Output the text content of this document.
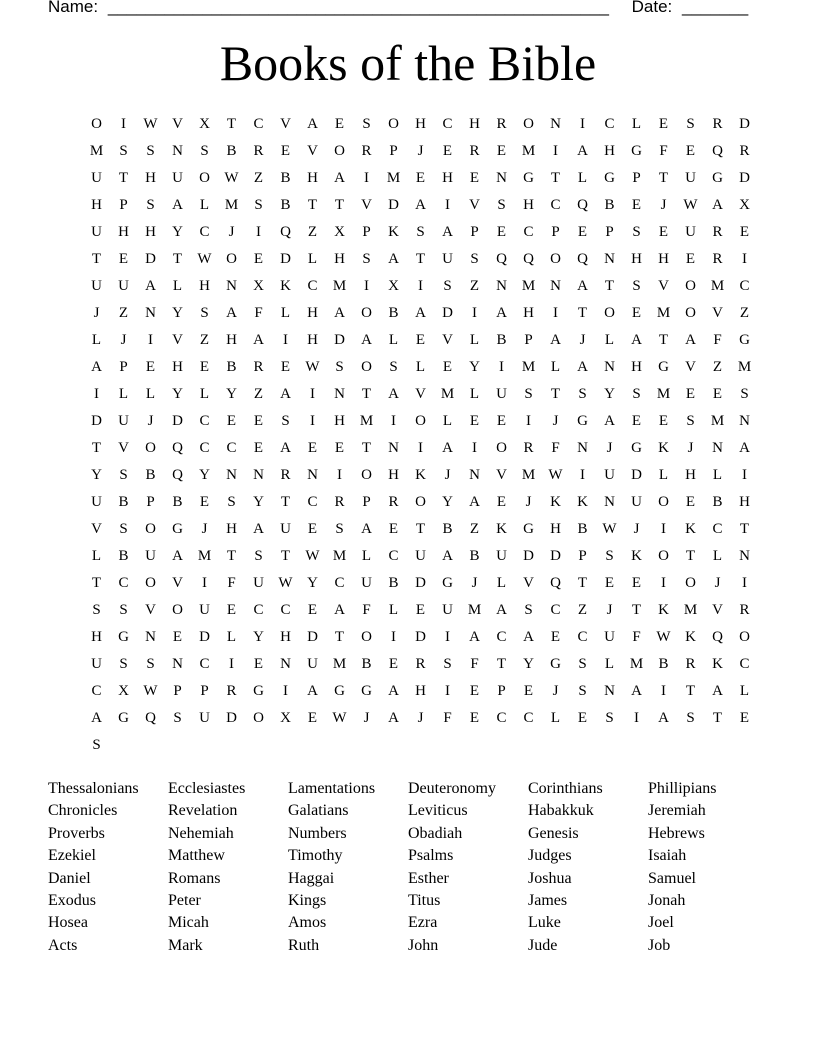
Name: _____________________________________________________ Date: _______
Books of the Bible
O	I	W V	X	T	C	V	A	E	S	O	H	C	H	R	O	N	I	C	L	E	S	R	D
M	S	S	N	S	B	R	E	V	O	R	P	J	E	R	E	M	I	A	H	G	F	E	Q	R
U	T	H	U	O W	Z	B	H	A	I	M	E	H	E	N	G	T	L	G	P	T	U	G	D
H	P	S	A	L	M	S	B	T	T	V	D	A	I	V	S	H	C	Q	B	E	J	W A	X
U	H	H	Y	C	J	I	Q	Z	X	P	K	S	A	P	E	C	P	E	P	S	E	U	R	E
T	E	D	T	W O	E	D	L	H	S	A	T	U	S	Q	Q	O	Q	N	H	H	E	R	I
U	U	A	L	H	N	X	K	C	M	I	X	I	S	Z	N M N	A	T	S	V	O M	C
J	Z	N	Y	S	A	F	L	H	A	O	B	A	D	I	A	H	I	T	O	E	M O	V	Z
L	J	I	V	Z	H	A	I	H	D	A	L	E	V	L	B	P	A	J	L	A	T	A	F	G
A	P	E	H	E	B	R	E	W	S	O	S	L	E	Y	I	M	L	A	N	H	G	V	Z	M
I	L	L	Y	L	Y	Z	A	I	N	T	A	V M	L	U	S	T	S	Y	S	M	E	E	S
D	U	J	D	C	E	E	S	I	H M	I	O	L	E	E	I	J	G	A	E	E	S	M N
T	V	O	Q	C	C	E	A	E	E	T	N	I	A	I	O	R	F	N	J	G	K	J	N	A
Y	S	B	Q	Y	N	N	R	N	I	O	H	K	J	N	V M W	I	U	D	L	H	L	I
U	B	P	B	E	S	Y	T	C	R	P	R	O	Y	A	E	J	K	K	N	U	O	E	B	H
V	S	O	G	J	H	A	U	E	S	A	E	T	B	Z	K	G	H	B W	J	I	K	C	T
L	B	U	A M	T	S	T	W M	L	C	U	A	B	U	D	D	P	S	K	O	T	L	N
T	C	O	V	I	F	U W Y	C	U	B	D	G	J	L	V	Q	T	E	E	I	O	J	I
S	S	V	O	U	E	C	C	E	A	F	L	E	U M A	S	C	Z	J	T	K M V	R
H	G	N	E	D	L	Y	H	D	T	O	I	D	I	A	C	A	E	C	U	F	W K	Q	O
U	S	S	N	C	I	E	N	U M	B	E	R	S	F	T	Y	G	S	L	M	B	R	K	C
C	X W	P	P	R	G	I	A	G	G	A	H	I	E	P	E	J	S	N	A	I	T	A	L
A	G	Q	S	U	D	O	X	E	W	J	A	J	F	E	C	C	L	E	S	I	A	S	T	E
S
Thessalonians	Ecclesiastes	Lamentations	Deuteronomy	Corinthians	Phillipians
Chronicles	Revelation	Galatians	Leviticus	Habakkuk	Jeremiah
Proverbs	Nehemiah	Numbers	Obadiah	Genesis	Hebrews
Ezekiel	Matthew	Timothy	Psalms	Judges	Isaiah
Daniel	Romans	Haggai	Esther	Joshua	Samuel
Exodus	Peter	Kings	Titus	James	Jonah
Hosea	Micah	Amos	Ezra	Luke	Joel
Acts	Mark	Ruth	John	Jude	Job
